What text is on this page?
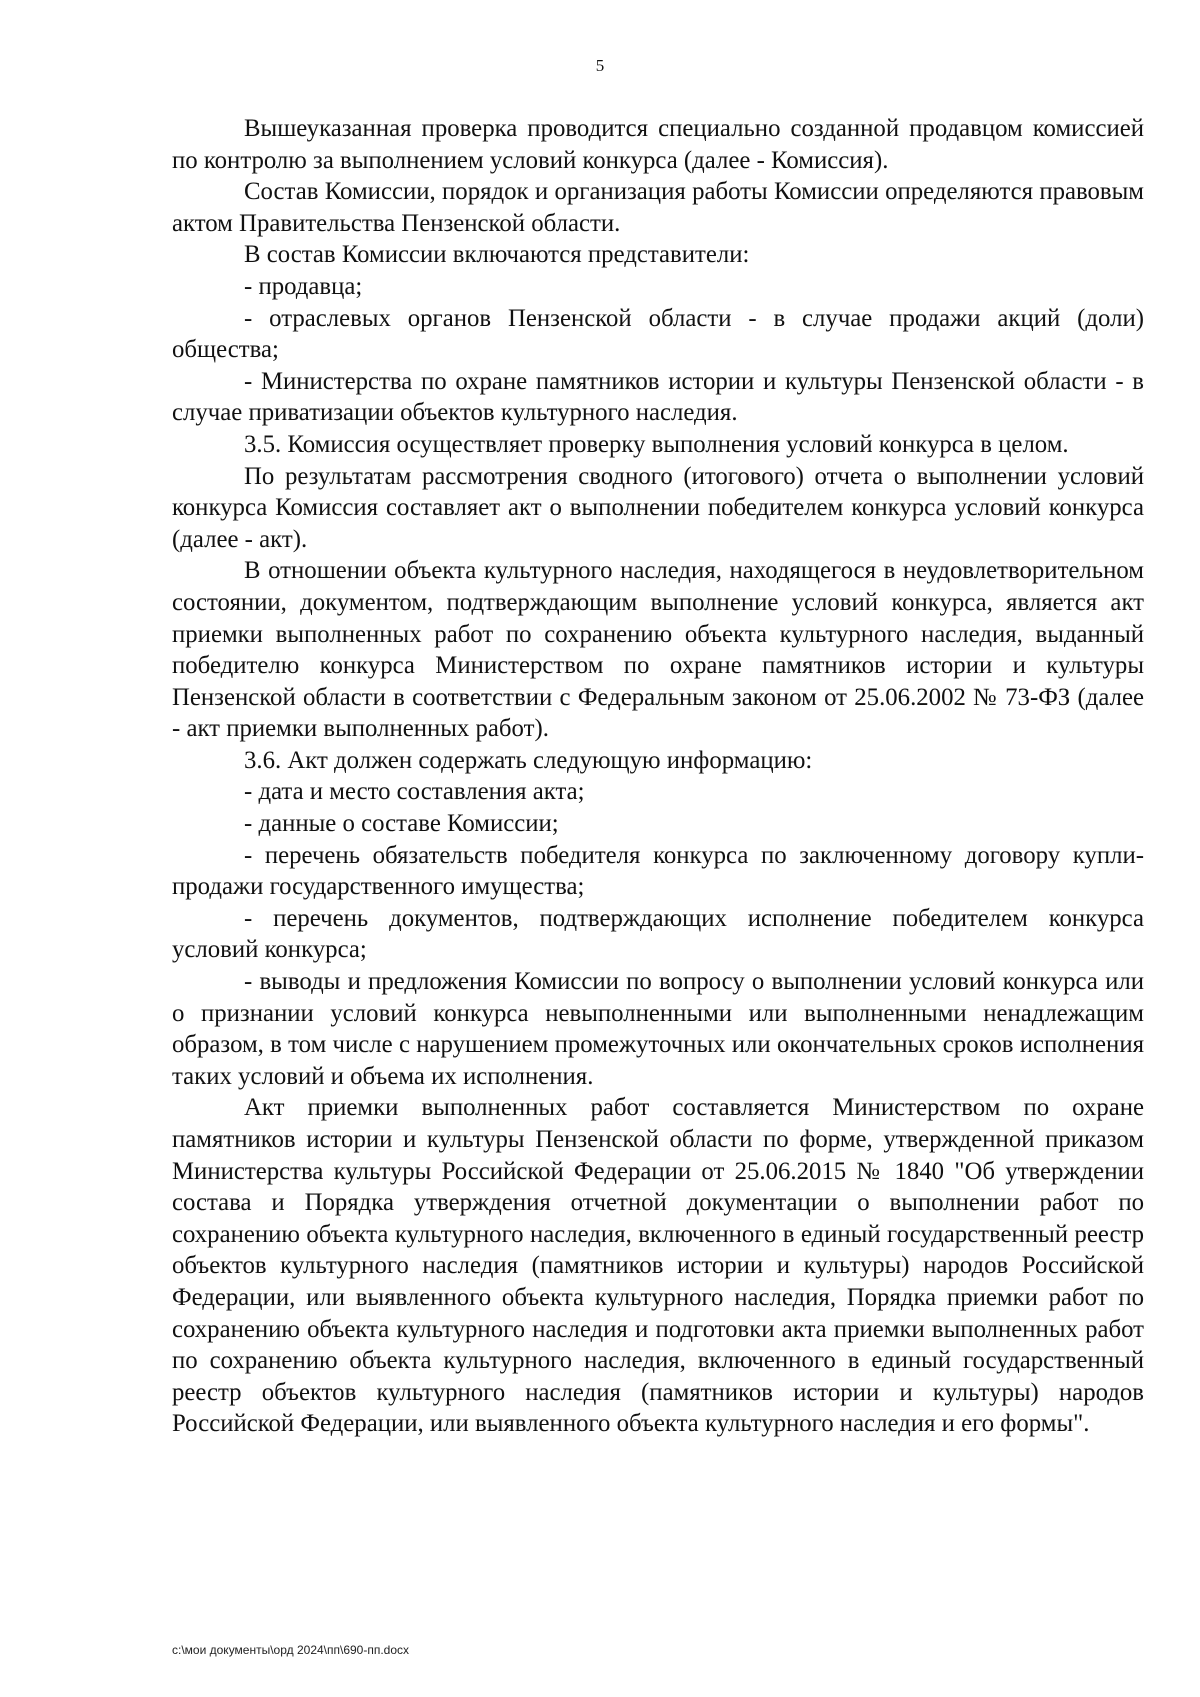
5

Вышеуказанная проверка проводится специально созданной продавцом комиссией по контролю за выполнением условий конкурса (далее - Комиссия).

Состав Комиссии, порядок и организация работы Комиссии определяются правовым актом Правительства Пензенской области.

В состав Комиссии включаются представители:

- продавца;

- отраслевых органов Пензенской области - в случае продажи акций (доли) общества;

- Министерства по охране памятников истории и культуры Пензенской области - в случае приватизации объектов культурного наследия.

3.5. Комиссия осуществляет проверку выполнения условий конкурса в целом.

По результатам рассмотрения сводного (итогового) отчета о выполнении условий конкурса Комиссия составляет акт о выполнении победителем конкурса условий конкурса (далее - акт).

В отношении объекта культурного наследия, находящегося в неудовлетворительном состоянии, документом, подтверждающим выполнение условий конкурса, является акт приемки выполненных работ по сохранению объекта культурного наследия, выданный победителю конкурса Министерством по охране памятников истории и культуры Пензенской области в соответствии с Федеральным законом от 25.06.2002 № 73-ФЗ (далее - акт приемки выполненных работ).

3.6. Акт должен содержать следующую информацию:

- дата и место составления акта;

- данные о составе Комиссии;

- перечень обязательств победителя конкурса по заключенному договору купли-продажи государственного имущества;

- перечень документов, подтверждающих исполнение победителем конкурса условий конкурса;

- выводы и предложения Комиссии по вопросу о выполнении условий конкурса или о признании условий конкурса невыполненными или выполненными ненадлежащим образом, в том числе с нарушением промежуточных или окончательных сроков исполнения таких условий и объема их исполнения.

Акт приемки выполненных работ составляется Министерством по охране памятников истории и культуры Пензенской области по форме, утвержденной приказом Министерства культуры Российской Федерации от 25.06.2015 № 1840 "Об утверждении состава и Порядка утверждения отчетной документации о выполнении работ по сохранению объекта культурного наследия, включенного в единый государственный реестр объектов культурного наследия (памятников истории и культуры) народов Российской Федерации, или выявленного объекта культурного наследия, Порядка приемки работ по сохранению объекта культурного наследия и подготовки акта приемки выполненных работ по сохранению объекта культурного наследия, включенного в единый государственный реестр объектов культурного наследия (памятников истории и культуры) народов Российской Федерации, или выявленного объекта культурного наследия и его формы".

c:\мои документы\орд 2024\пп\690-пп.docx
